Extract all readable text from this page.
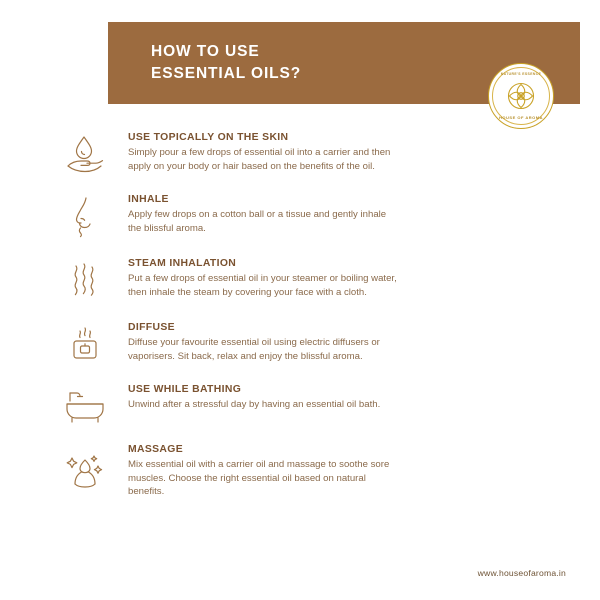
HOW TO USE
ESSENTIAL OILS?	NATURE'S ESSENCE
HOUSE OF AROMA
USE TOPICALLY ON THE SKIN
Simply pour a few drops of essential oil into a carrier and then apply on your body or hair based on the benefits of the oil.
INHALE
Apply few drops on a cotton ball or a tissue and gently inhale the blissful aroma.
STEAM INHALATION
Put a few drops of essential oil in your steamer or boiling water, then inhale the steam by covering your face with a cloth.
DIFFUSE
Diffuse your favourite essential oil using electric diffusers or vaporisers. Sit back, relax and enjoy the blissful aroma.
USE WHILE BATHING
Unwind after a stressful day by having an essential oil bath.
MASSAGE
Mix essential oil with a carrier oil and massage to soothe sore muscles. Choose the right essential oil based on natural benefits.
www.houseofaroma.in
